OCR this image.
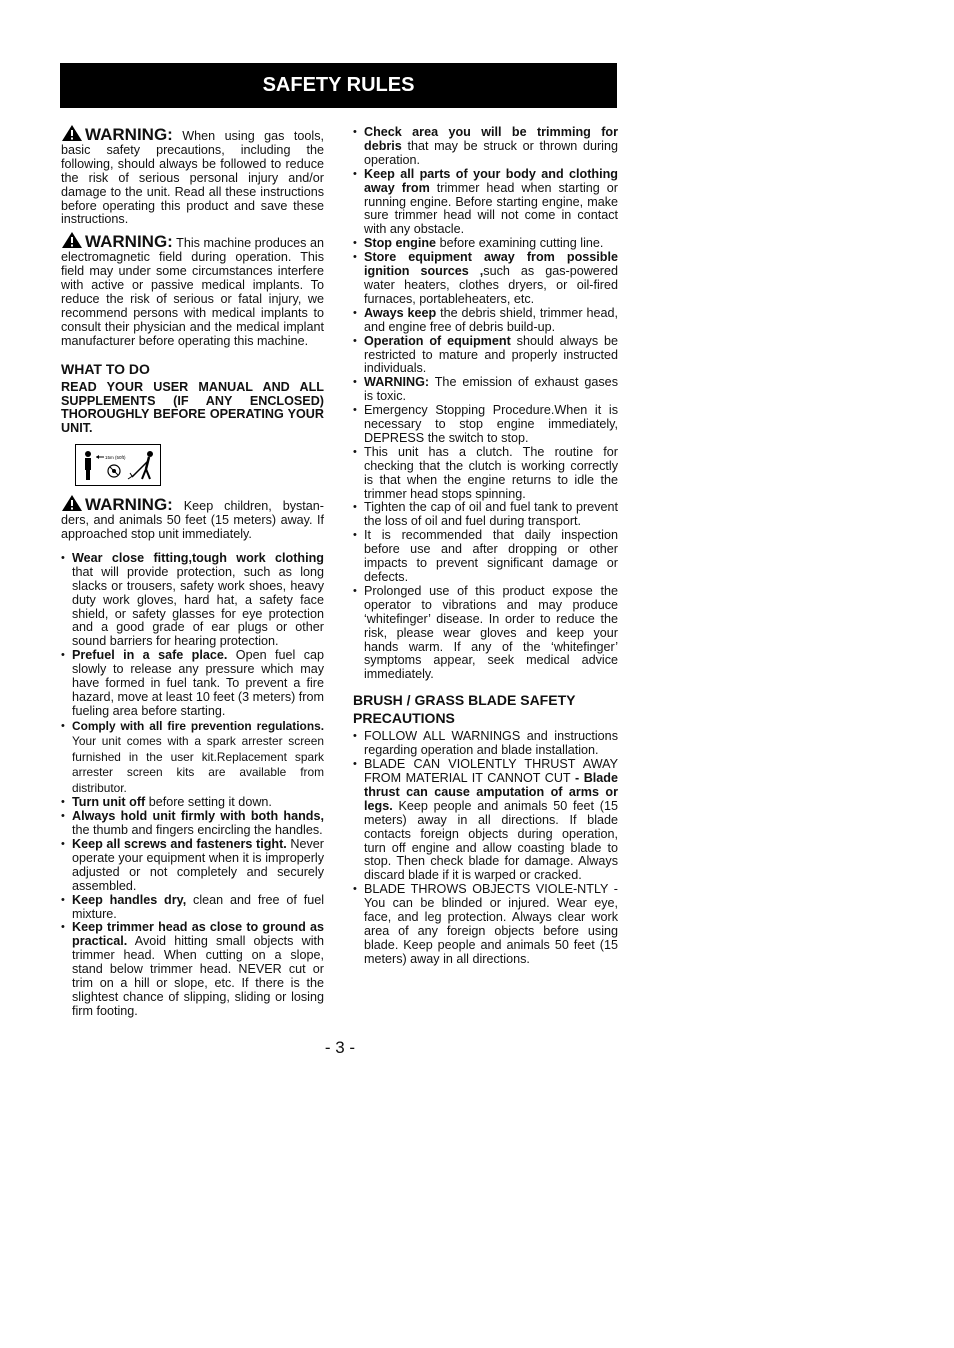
SAFETY RULES

WARNING: When using gas tools, basic safety precautions, including the following, should always be followed to reduce the risk of serious personal injury and/or damage to the unit. Read all these instructions before operating this product and save these instructions.

WARNING: This machine produces an electromagnetic field during operation. This field may under some circumstances interfere with active or passive medical implants. To reduce the risk of serious or fatal injury, we recommend persons with medical implants to consult their physician and the medical implant manufacturer before operating this machine.

WHAT TO DO

READ YOUR USER MANUAL AND ALL SUPPLEMENTS (IF ANY ENCLOSED) THOROUGHLY BEFORE OPERATING YOUR UNIT.

15m (50ft)

WARNING: Keep children, bystan-ders, and animals 50 feet (15 meters) away. If approached stop unit immediately.

• Wear close fitting,tough work clothing that will provide protection, such as long slacks or trousers, safety work shoes, heavy duty work gloves, hard hat, a safety face shield, or safety glasses for eye protection and a good grade of ear plugs or other sound barriers for hearing protection.
• Prefuel in a safe place. Open fuel cap slowly to release any pressure which may have formed in fuel tank. To prevent a fire hazard, move at least 10 feet (3 meters) from fueling area before starting.
• Comply with all fire prevention regulations. Your unit comes with a spark arrester screen furnished in the user kit.Replacement spark arrester screen kits are available from distributor.
• Turn unit off before setting it down.
• Always hold unit firmly with both hands, the thumb and fingers encircling the handles.
• Keep all screws and fasteners tight. Never operate your equipment when it is improperly adjusted or not completely and securely assembled.
• Keep handles dry, clean and free of fuel mixture.
• Keep trimmer head as close to ground as practical. Avoid hitting small objects with trimmer head. When cutting on a slope, stand below trimmer head. NEVER cut or trim on a hill or slope, etc. If there is the slightest chance of slipping, sliding or losing firm footing.
• Check area you will be trimming for debris that may be struck or thrown during operation.
• Keep all parts of your body and clothing away from trimmer head when starting or running engine. Before starting engine, make sure trimmer head will not come in contact with any obstacle.
• Stop engine before examining cutting line.
• Store equipment away from possible ignition sources ,such as gas-powered water heaters, clothes dryers, or oil-fired furnaces, portableheaters, etc.
• Aways keep the debris shield, trimmer head, and engine free of debris build-up.
• Operation of equipment should always be restricted to mature and properly instructed individuals.
• WARNING: The emission of exhaust gases is toxic.
• Emergency Stopping Procedure.When it is necessary to stop engine immediately, DEPRESS the switch to stop.
• This unit has a clutch. The routine for checking that the clutch is working correctly is that when the engine returns to idle the trimmer head stops spinning.
• Tighten the cap of oil and fuel tank to prevent the loss of oil and fuel during transport.
• It is recommended that daily inspection before use and after dropping or other impacts to prevent significant damage or defects.
• Prolonged use of this product expose the operator to vibrations and may produce ‘whitefinger’ disease. In order to reduce the risk, please wear gloves and keep your hands warm. If any of the ‘whitefinger’ symptoms appear, seek medical advice immediately.
BRUSH / GRASS BLADE SAFETY PRECAUTIONS
• FOLLOW ALL WARNINGS and instructions regarding operation and blade installation.
• BLADE CAN VIOLENTLY THRUST AWAY FROM MATERIAL IT CANNOT CUT - Blade thrust can cause amputation of arms or legs. Keep people and animals 50 feet (15 meters) away in all directions. If blade contacts foreign objects during operation, turn off engine and allow coasting blade to stop. Then check blade for damage. Always discard blade if it is warped or cracked.
• BLADE THROWS OBJECTS VIOLE-NTLY - You can be blinded or injured. Wear eye, face, and leg protection. Always clear work area of any foreign objects before using blade. Keep people and animals 50 feet (15 meters) away in all directions.
- 3 -
